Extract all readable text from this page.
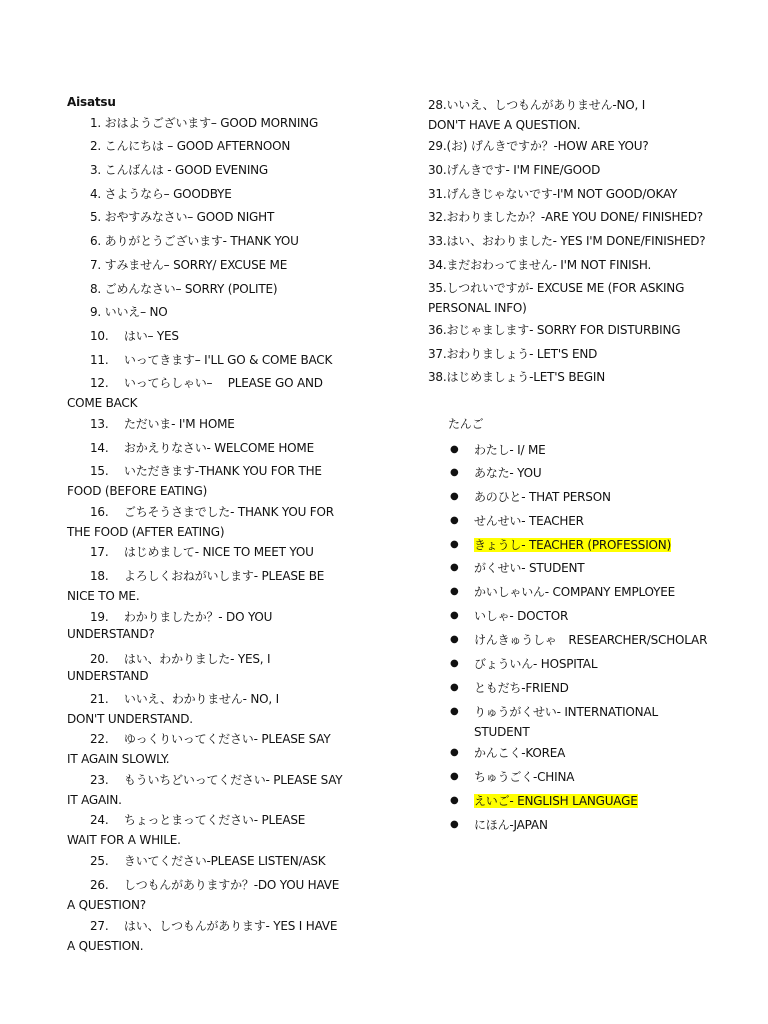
Aisatsu
1. おはようございます– GOOD MORNING
2. こんにちは – GOOD AFTERNOON
3. こんばんは - GOOD EVENING
4. さようなら– GOODBYE
5. おやすみなさい– GOOD NIGHT
6. ありがとうございます- THANK YOU
7. すみません– SORRY/ EXCUSE ME
8. ごめんなさい– SORRY (POLITE)
9. いいえ– NO
10.　 はい– YES
11.　 いってきます– I'LL GO & COME BACK
12.　 いってらしゃい–　 PLEASE GO AND
COME BACK
13.　 ただいま- I'M HOME
14.　 おかえりなさい- WELCOME HOME
15.　 いただきます-THANK YOU FOR THE
FOOD (BEFORE EATING)
16.　 ごちそうさまでした- THANK YOU FOR
THE FOOD (AFTER EATING)
17.　 はじめまして- NICE TO MEET YOU
18.　 よろしくおねがいします- PLEASE BE
NICE TO ME.
19.　 わかりましたか？- DO YOU
UNDERSTAND?
20.　 はい、わかりました- YES, I
UNDERSTAND
21.　 いいえ、わかりません- NO, I
DON'T UNDERSTAND.
22.　 ゆっくりいってください- PLEASE SAY
IT AGAIN SLOWLY.
23.　 もういちどいってください- PLEASE SAY
IT AGAIN.
24.　 ちょっとまってください- PLEASE
WAIT FOR A WHILE.
25.　 きいてください-PLEASE LISTEN/ASK
26.　 しつもんがありますか？-DO YOU HAVE
A QUESTION?
27.　 はい、しつもんがあります- YES I HAVE
A QUESTION.
28.いいえ、しつもんがありません-NO, I
DON'T HAVE A QUESTION.
29.(お) げんきですか？-HOW ARE YOU?
30.げんきです- I'M FINE/GOOD
31.げんきじゃないです-I'M NOT GOOD/OKAY
32.おわりましたか？-ARE YOU DONE/ FINISHED?
33.はい、おわりました- YES I'M DONE/FINISHED?
34.まだおわってません- I'M NOT FINISH.
35.しつれいですが- EXCUSE ME (FOR ASKING
PERSONAL INFO)
36.おじゃまします- SORRY FOR DISTURBING
37.おわりましょう- LET'S END
38.はじめましょう-LET'S BEGIN
たんご
● わたし- I/ ME
● あなた- YOU
● あのひと- THAT PERSON
● せんせい- TEACHER
● きょうし- TEACHER (PROFESSION)
● がくせい- STUDENT
● かいしゃいん- COMPANY EMPLOYEE
● いしゃ- DOCTOR
● けんきゅうしゃ　RESEARCHER/SCHOLAR
● びょういん- HOSPITAL
● ともだち-FRIEND
● りゅうがくせい- INTERNATIONAL
STUDENT
● かんこく-KOREA
● ちゅうごく-CHINA
● えいご- ENGLISH LANGUAGE
● にほん-JAPAN
